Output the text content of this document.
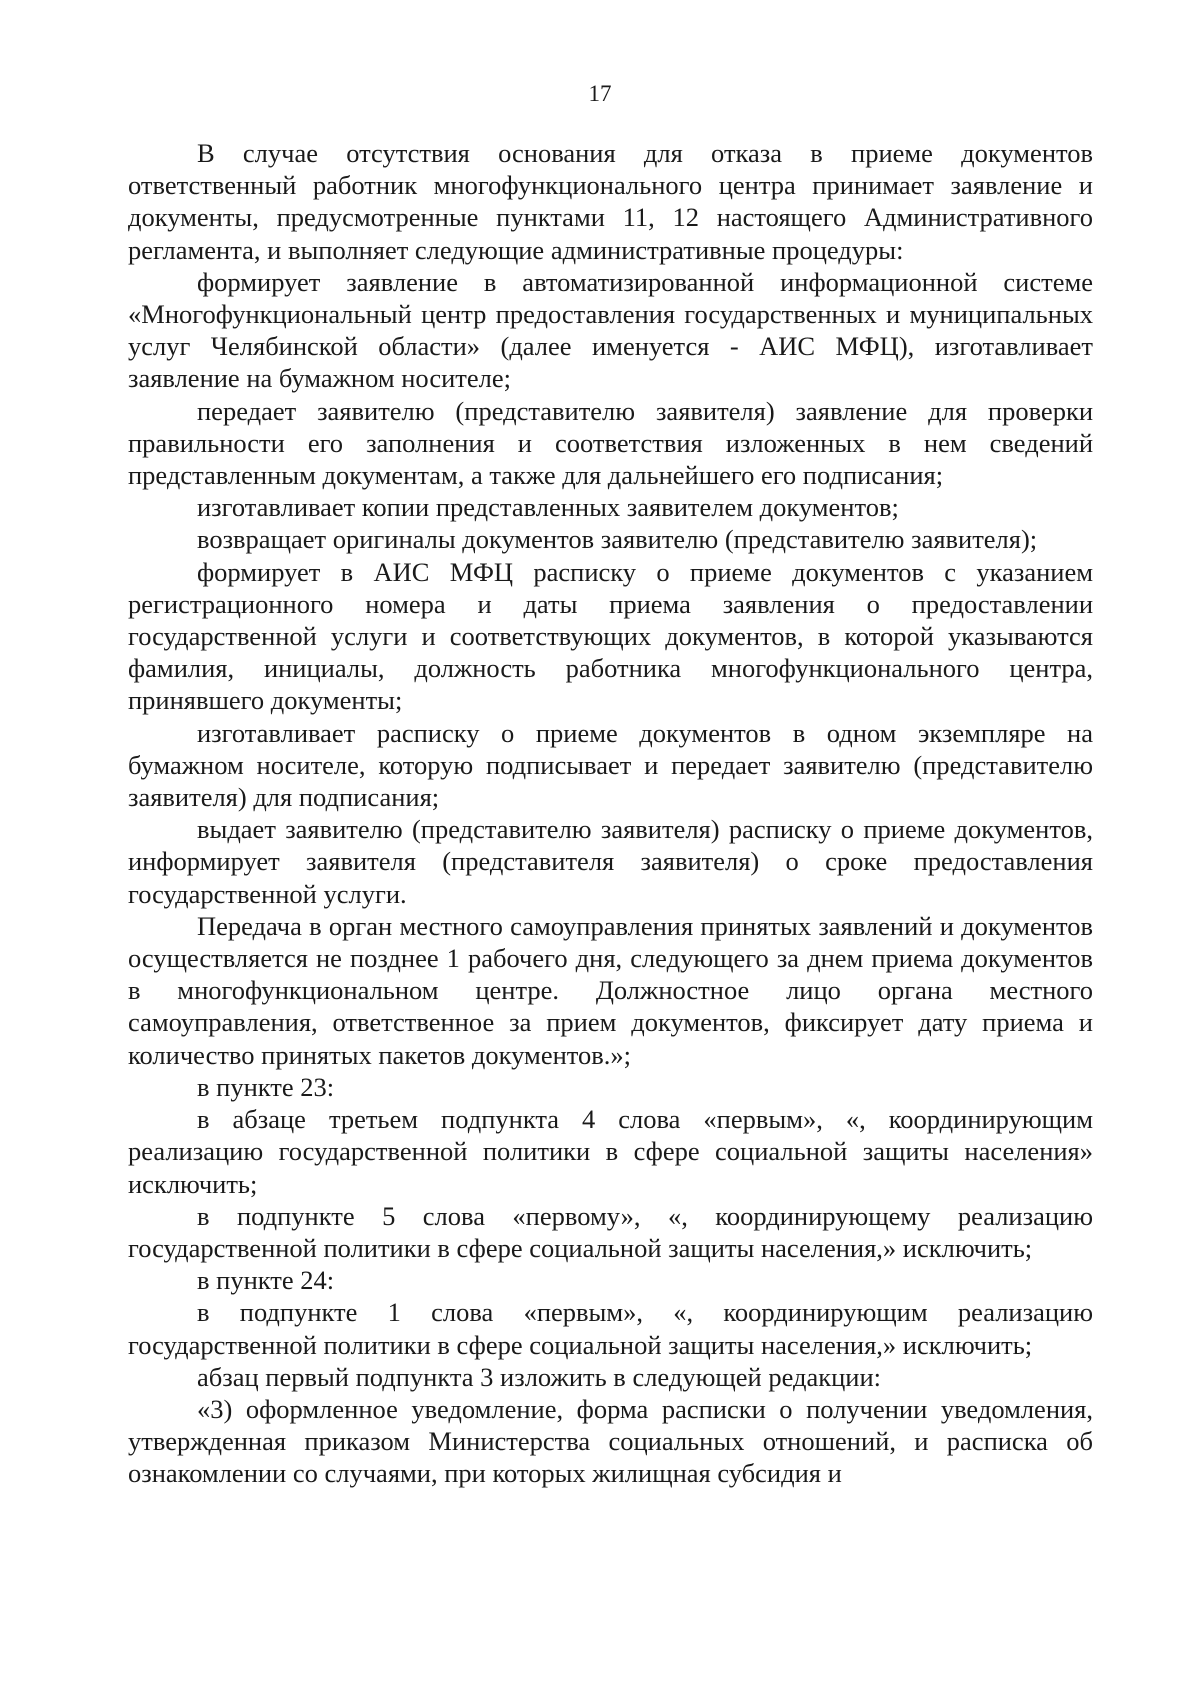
17

В случае отсутствия основания для отказа в приеме документов ответственный работник многофункционального центра принимает заявление и документы, предусмотренные пунктами 11, 12 настоящего Административного регламента, и выполняет следующие административные процедуры:

формирует заявление в автоматизированной информационной системе «Многофункциональный центр предоставления государственных и муниципальных услуг Челябинской области» (далее именуется - АИС МФЦ), изготавливает заявление на бумажном носителе;

передает заявителю (представителю заявителя) заявление для проверки правильности его заполнения и соответствия изложенных в нем сведений представленным документам, а также для дальнейшего его подписания;

изготавливает копии представленных заявителем документов;

возвращает оригиналы документов заявителю (представителю заявителя);

формирует в АИС МФЦ расписку о приеме документов с указанием регистрационного номера и даты приема заявления о предоставлении государственной услуги и соответствующих документов, в которой указываются фамилия, инициалы, должность работника многофункционального центра, принявшего документы;

изготавливает расписку о приеме документов в одном экземпляре на бумажном носителе, которую подписывает и передает заявителю (представителю заявителя) для подписания;

выдает заявителю (представителю заявителя) расписку о приеме документов, информирует заявителя (представителя заявителя) о сроке предоставления государственной услуги.

Передача в орган местного самоуправления принятых заявлений и документов осуществляется не позднее 1 рабочего дня, следующего за днем приема документов в многофункциональном центре. Должностное лицо органа местного самоуправления, ответственное за прием документов, фиксирует дату приема и количество принятых пакетов документов.»;

в пункте 23:

в абзаце третьем подпункта 4 слова «первым», «, координирующим реализацию государственной политики в сфере социальной защиты населения» исключить;

в подпункте 5 слова «первому», «, координирующему реализацию государственной политики в сфере социальной защиты населения,» исключить;

в пункте 24:

в подпункте 1 слова «первым», «, координирующим реализацию государственной политики в сфере социальной защиты населения,» исключить;

абзац первый подпункта 3 изложить в следующей редакции:

«3) оформленное уведомление, форма расписки о получении уведомления, утвержденная приказом Министерства социальных отношений, и расписка об ознакомлении со случаями, при которых жилищная субсидия и
